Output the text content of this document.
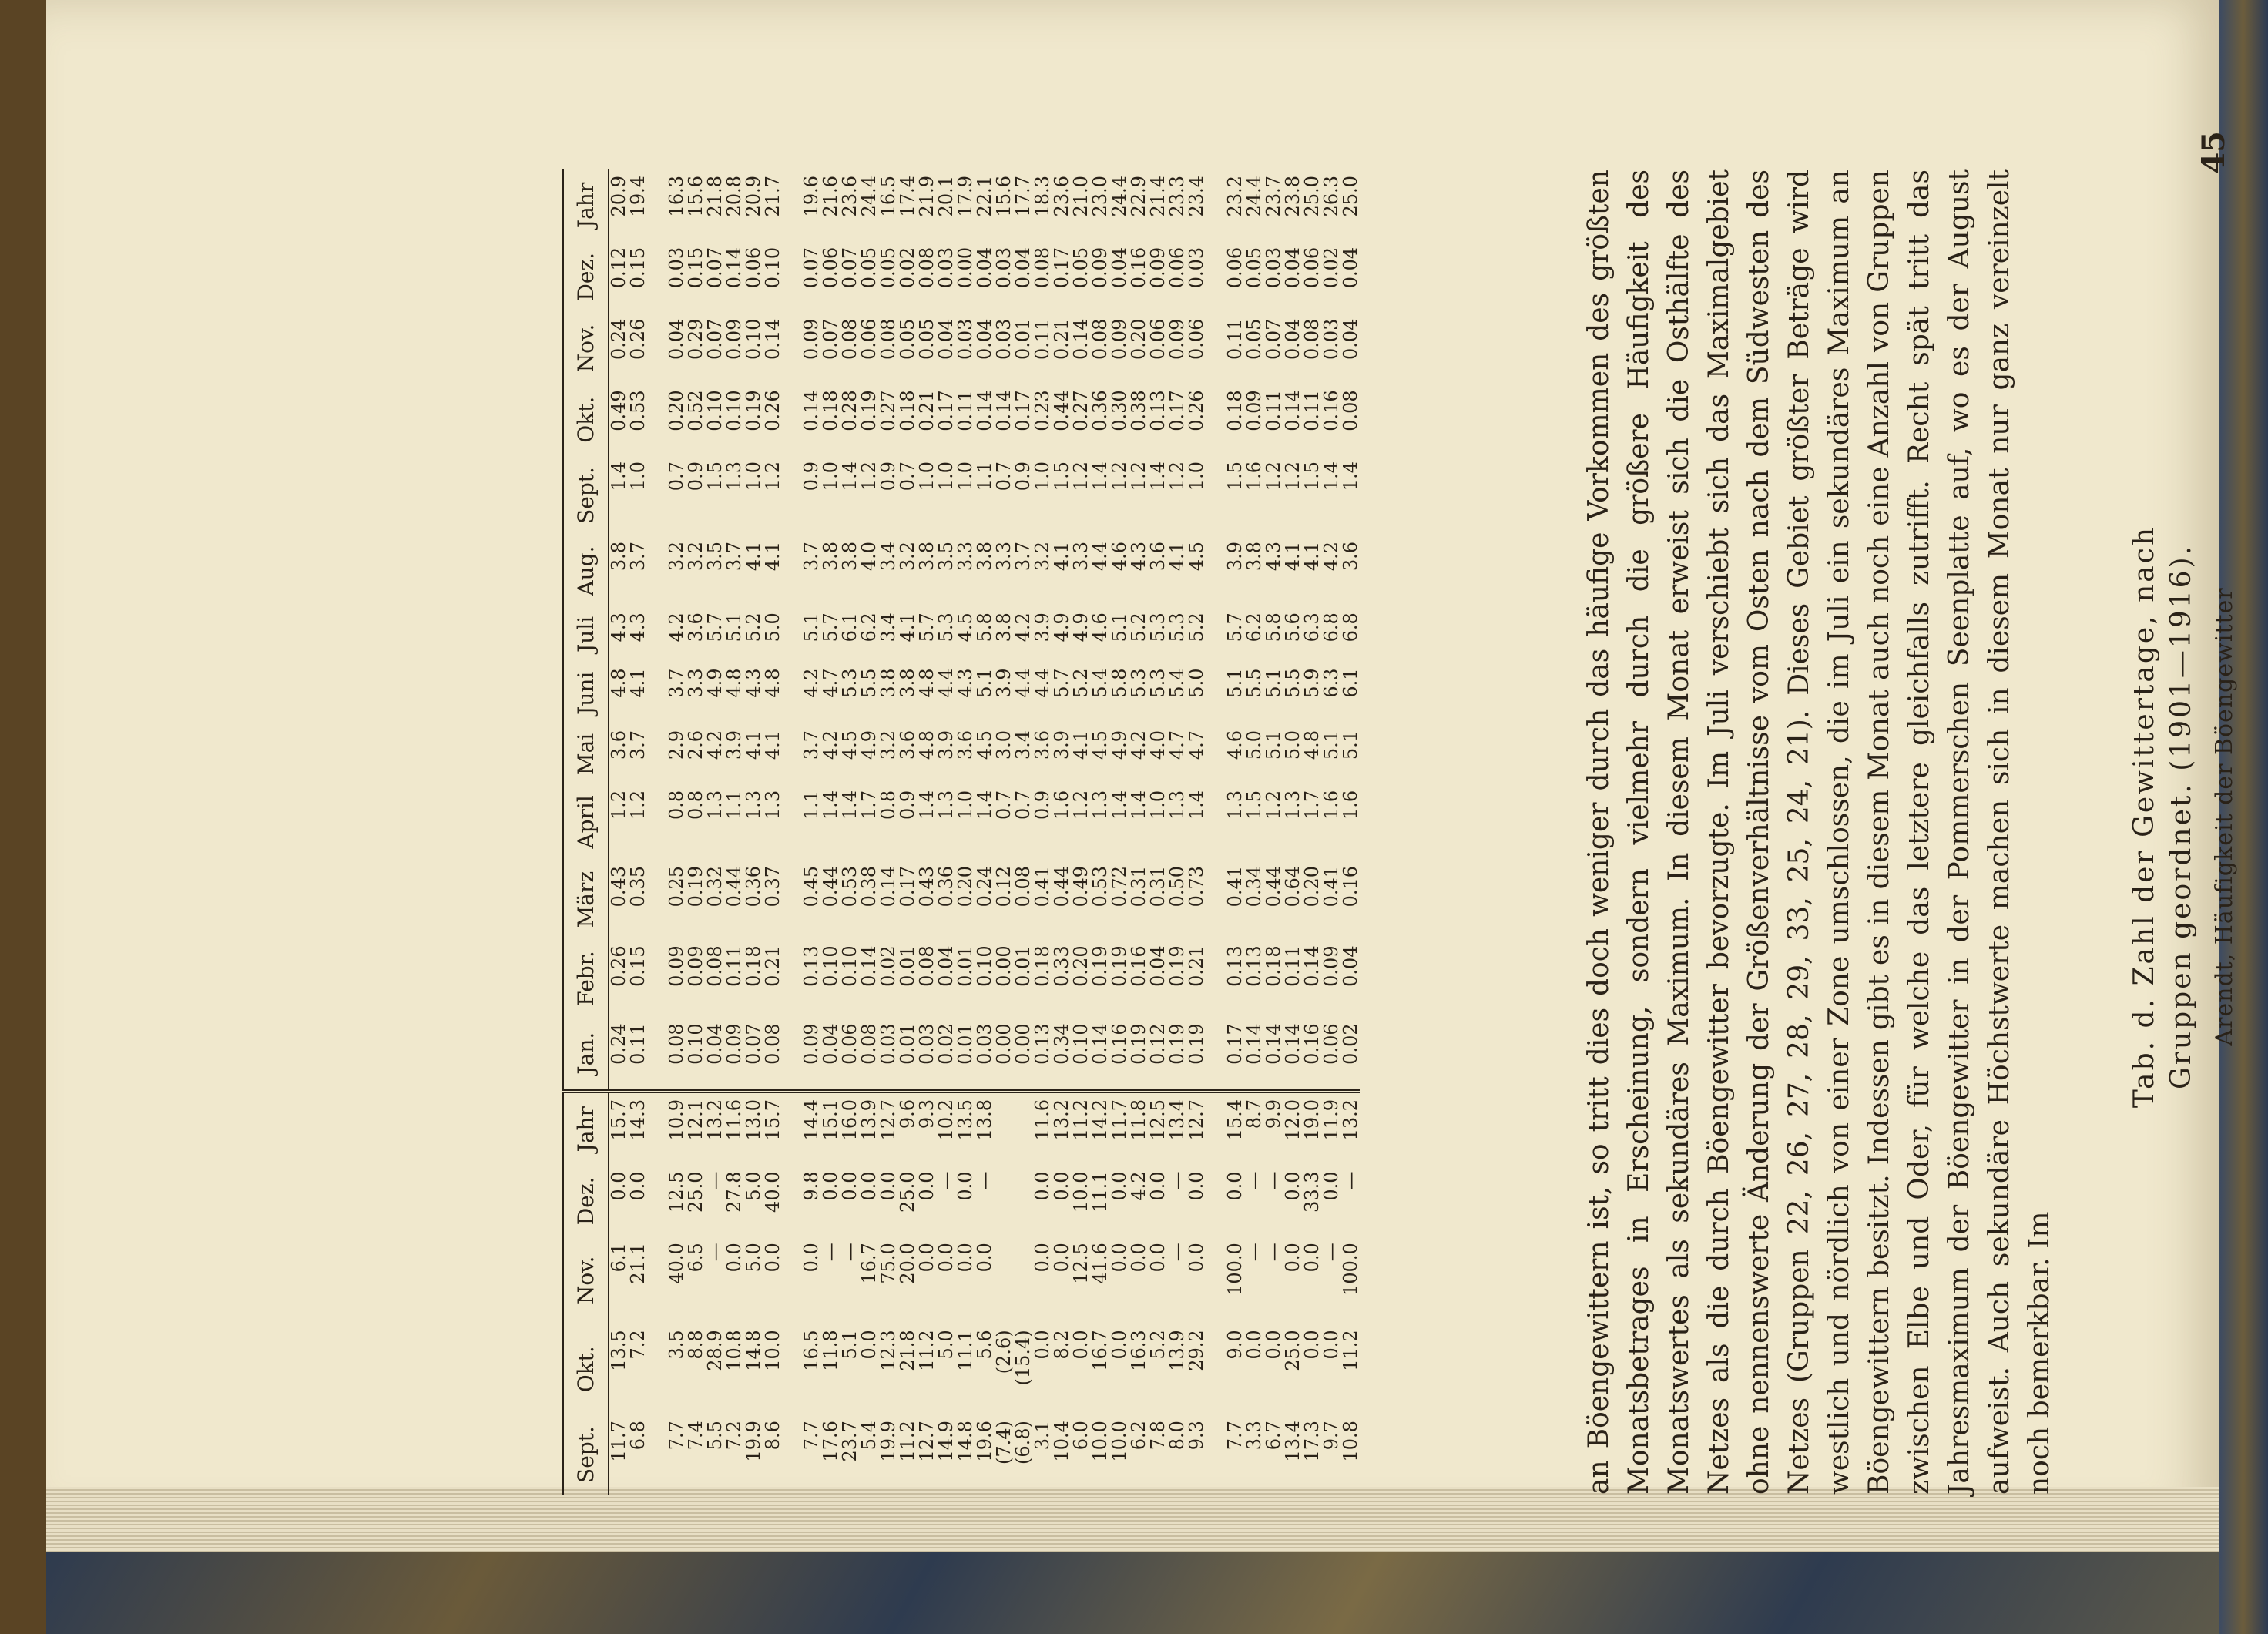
Arendt, Häufigkeit der Böengewitter
45
Tab. d. Zahl der Gewittertage, nach Gruppen geordnet. (1901—1916).
Sept.	Okt.	Nov.	Dez.	Jahr	Jan.	Febr.	März	April	Mai	Juni	Juli	Aug.	Sept.	Okt.	Nov.	Dez.	Jahr
11.7	13.5	6.1	0.0	15.7	0.24	0.26	0.43	1.2	3.6	4.8	4.3	3.8	1.4	0.49	0.24	0.12	20.9
6.8	7.2	21.1	0.0	14.3	0.11	0.15	0.35	1.2	3.7	4.1	4.3	3.7	1.0	0.53	0.26	0.15	19.4

7.7	3.5	40.0	12.5	10.9	0.08	0.09	0.25	0.8	2.9	3.7	4.2	3.2	0.7	0.20	0.04	0.03	16.3
7.4	8.8	6.5	25.0	12.1	0.10	0.09	0.19	0.8	2.6	3.3	3.6	3.2	0.9	0.52	0.29	0.15	15.6
5.5	28.9	—	—	13.2	0.04	0.08	0.32	1.3	4.2	4.9	5.7	3.5	1.5	0.10	0.07	0.07	21.8
7.2	10.8	0.0	27.8	11.6	0.09	0.11	0.44	1.1	3.9	4.8	5.1	3.7	1.3	0.10	0.09	0.14	20.8
19.9	14.8	5.0	5.0	13.0	0.07	0.18	0.36	1.3	4.1	4.3	5.2	4.1	1.0	0.19	0.10	0.06	20.9
8.6	10.0	0.0	40.0	15.7	0.08	0.21	0.37	1.3	4.1	4.8	5.0	4.1	1.2	0.26	0.14	0.10	21.7

7.7	16.5	0.0	9.8	14.4	0.09	0.13	0.45	1.1	3.7	4.2	5.1	3.7	0.9	0.14	0.09	0.07	19.6
17.6	11.8	—	0.0	15.1	0.04	0.10	0.44	1.4	4.2	4.7	5.7	3.8	1.0	0.18	0.07	0.06	21.6
23.7	5.1	—	0.0	16.0	0.06	0.10	0.53	1.4	4.5	5.3	6.1	3.8	1.4	0.28	0.08	0.07	23.6
5.4	0.0	16.7	0.0	13.9	0.08	0.14	0.38	1.7	4.9	5.5	6.2	4.0	1.2	0.19	0.06	0.05	24.4
19.9	12.3	75.0	0.0	12.7	0.03	0.02	0.14	0.8	3.2	3.8	3.4	3.4	0.9	0.27	0.08	0.05	16.5
11.2	21.8	20.0	25.0	9.6	0.01	0.01	0.17	0.9	3.6	3.8	4.1	3.2	0.7	0.18	0.05	0.02	17.4
12.7	11.2	0.0	0.0	9.3	0.03	0.08	0.43	1.4	4.8	4.8	5.7	3.8	1.0	0.21	0.05	0.08	21.9
14.9	5.0	0.0	—	10.2	0.02	0.04	0.36	1.3	3.9	4.4	5.3	3.5	1.0	0.17	0.04	0.03	20.1
14.8	11.1	0.0	0.0	13.5	0.01	0.01	0.20	1.0	3.6	4.3	4.5	3.3	1.0	0.11	0.03	0.00	17.9
19.6	5.6	0.0	—	13.8	0.03	0.10	0.24	1.4	4.5	5.1	5.8	3.8	1.1	0.14	0.04	0.04	22.1
(7.4)	(2.6)				0.00	0.00	0.12	0.7	3.0	3.9	3.8	3.3	0.7	0.14	0.03	0.03	15.6
(6.8)	(15.4)				0.00	0.01	0.08	0.7	3.4	4.4	4.2	3.7	0.9	0.17	0.01	0.04	17.7
3.1	0.0	0.0	0.0	11.6	0.13	0.18	0.41	0.9	3.6	4.4	3.9	3.2	1.0	0.23	0.11	0.08	18.3
10.4	8.2	0.0	0.0	13.2	0.34	0.33	0.44	1.6	3.9	5.7	4.9	4.1	1.5	0.44	0.21	0.17	23.6
6.0	0.0	12.5	10.0	11.2	0.10	0.20	0.49	1.2	4.1	5.2	4.9	3.3	1.2	0.27	0.14	0.05	21.0
10.0	16.7	41.6	11.1	14.2	0.14	0.19	0.53	1.3	4.5	5.4	4.6	4.4	1.4	0.36	0.08	0.09	23.0
10.0	0.0	0.0	0.0	11.7	0.16	0.19	0.72	1.4	4.9	5.8	5.1	4.6	1.2	0.30	0.09	0.04	24.4
6.2	16.3	0.0	4.2	11.8	0.19	0.16	0.31	1.4	4.2	5.3	5.2	4.3	1.2	0.38	0.20	0.16	22.9
7.8	5.2	0.0	0.0	12.5	0.12	0.04	0.31	1.0	4.0	5.3	5.3	3.6	1.4	0.13	0.06	0.09	21.4
8.0	13.9	—	—	13.4	0.19	0.19	0.50	1.3	4.7	5.4	5.3	4.1	1.2	0.17	0.09	0.06	23.3
9.3	29.2	0.0	0.0	12.7	0.19	0.21	0.73	1.4	4.7	5.0	5.2	4.5	1.0	0.26	0.06	0.03	23.4

7.7	9.0	100.0	0.0	15.4	0.17	0.13	0.41	1.3	4.6	5.1	5.7	3.9	1.5	0.18	0.11	0.06	23.2
3.3	0.0	—	—	8.7	0.14	0.13	0.34	1.5	5.0	5.5	6.2	3.8	1.6	0.09	0.05	0.05	24.4
6.7	0.0	—	—	9.9	0.14	0.18	0.44	1.2	5.1	5.1	5.8	4.3	1.2	0.11	0.07	0.03	23.7
13.4	25.0	0.0	0.0	12.0	0.14	0.11	0.64	1.3	5.0	5.5	5.6	4.1	1.2	0.14	0.04	0.04	23.8
17.3	0.0	0.0	33.3	19.0	0.16	0.14	0.20	1.7	4.8	5.9	6.3	4.1	1.5	0.11	0.08	0.06	25.0
9.7	0.0	—	0.0	11.9	0.06	0.09	0.41	1.6	5.1	6.3	6.8	4.2	1.4	0.16	0.03	0.02	26.3
10.8	11.2	100.0	—	13.2	0.02	0.04	0.16	1.6	5.1	6.1	6.8	3.6	1.4	0.08	0.04	0.04	25.0	an Böengewittern ist, so tritt dies doch weniger durch das häufige Vorkommen des größten Monatsbetrages in Erscheinung, sondern vielmehr durch die größere Häufigkeit des Monatswertes als sekundäres Maximum. In diesem Monat erweist sich die Osthälfte des Netzes als die durch Böengewitter bevorzugte. Im Juli verschiebt sich das Maximalgebiet ohne nennenswerte Änderung der Größenverhältnisse vom Osten nach dem Südwesten des Netzes (Gruppen 22, 26, 27, 28, 29, 33, 25, 24, 21). Dieses Gebiet größter Beträge wird westlich und nördlich von einer Zone umschlossen, die im Juli ein sekundäres Maximum an Böengewittern besitzt. Indessen gibt es in diesem Monat auch noch eine Anzahl von Gruppen zwischen Elbe und Oder, für welche das letztere gleichfalls zutrifft. Recht spät tritt das Jahresmaximum der Böengewitter in der Pommerschen Seenplatte auf, wo es der August aufweist. Auch sekundäre Höchstwerte machen sich in diesem Monat nur ganz vereinzelt noch bemerkbar. Im
